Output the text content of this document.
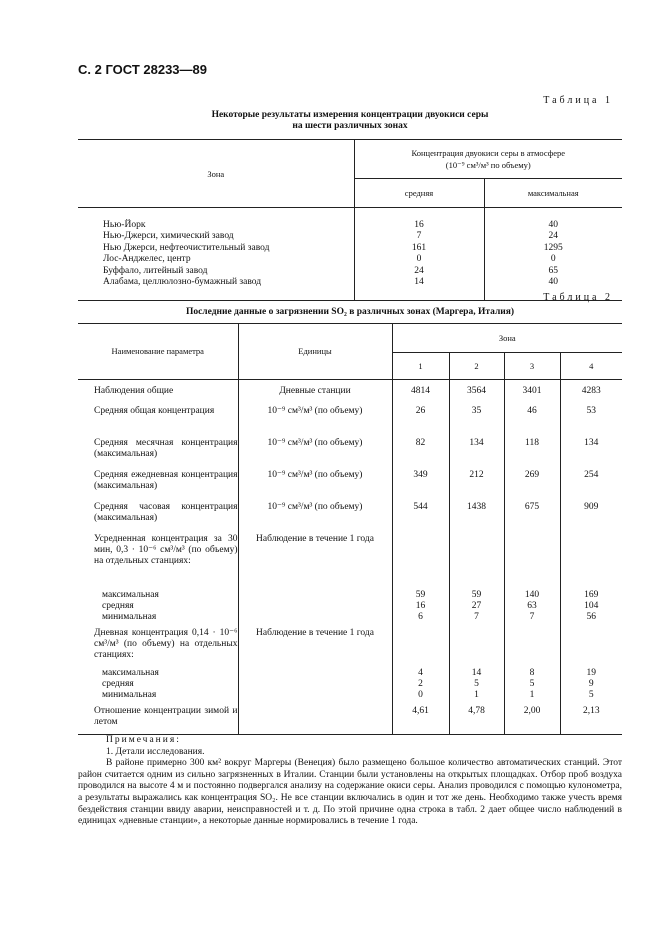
С. 2 ГОСТ 28233—89
Таблица 1
Некоторые результаты измерения концентрации двуокиси серы
на шести различных зонах
Зона	Концентрация двуокиси серы в атмосфере
(10⁻⁹ см³/м³ по объему)	

	средняя	максимальная

Нью-Йорк	16	40
Нью-Джерси, химический завод	7	24
Нью Джерси, нефтеочистительный завод	161	1295
Лос-Анджелес, центр	0	0
Буффало, литейный завод	24	65
Алабама, целлюлозно-бумажный завод	14	40

Таблица 2
Последние данные о загрязнении SO₂ в различных зонах (Маргера, Италия)
Наименование параметра	Единицы	Зона			
		1	2	3	4
Наблюдения общие	Дневные станции	4814	3564	3401	4283
Средняя общая концентрация	10⁻⁹ см³/м³ (по объему)	26	35	46	53
Средняя месячная концентрация (максимальная)	10⁻⁹ см³/м³ (по объему)	82	134	118	134
Средняя ежедневная концентрация (максимальная)	10⁻⁹ см³/м³ (по объему)	349	212	269	254
Средняя часовая концентрация (максимальная)	10⁻⁹ см³/м³ (по объему)	544	1438	675	909
Усредненная концентрация за 30 мин, 0,3 · 10⁻⁶ см³/м³ (по объему) на отдельных станциях:	Наблюдение в течение 1 года				
максимальная		59	59	140	169
средняя		16	27	63	104
минимальная		6	7	7	56
Дневная концентрация 0,14 · 10⁻⁶ см³/м³ (по объему) на отдельных станциях:	Наблюдение в течение 1 года				
максимальная		4	14	8	19
средняя		2	5	5	9
минимальная		0	1	1	5
Отношение концентрации зимой и летом		4,61	4,78	2,00	2,13
Примечания:
1. Детали исследования.
В районе примерно 300 км² вокруг Маргеры (Венеция) было размещено большое количество автоматических станций. Этот район считается одним из сильно загрязненных в Италии. Станции были установлены на открытых площадках. Отбор проб воздуха проводился на высоте 4 м и постоянно подвергался анализу на содержание окиси серы. Анализ проводился с помощью кулонометра, а результаты выражались как концентрация SO₂. Не все станции включались в один и тот же день. Необходимо также учесть время бездействия станции ввиду аварии, неисправностей и т. д. По этой причине одна строка в табл. 2 дает общее число наблюдений в единицах «дневные станции», а некоторые данные нормировались в течение 1 года.
